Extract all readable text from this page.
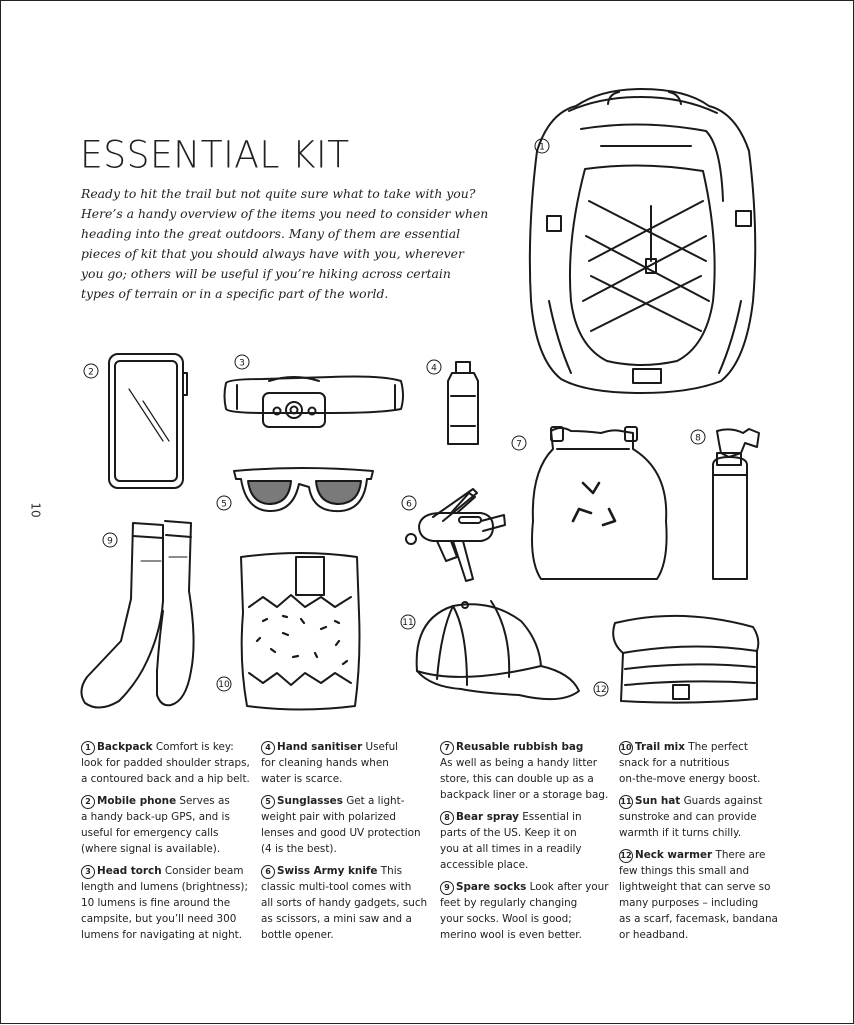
ESSENTIAL KIT

Ready to hit the trail but not quite sure what to take with you?

Here’s a handy overview of the items you need to consider when

heading into the great outdoors. Many of them are essential

pieces of kit that you should always have with you, wherever

you go; others will be useful if you’re hiking across certain

types of terrain or in a specific part of the world.

10
1
2
3	4
5	6
7
8
9
10
11
12
1 Backpack Comfort is key:
look for padded shoulder straps,
a contoured back and a hip belt.
2 Mobile phone Serves as
a handy back-up GPS, and is
useful for emergency calls
(where signal is available).
3 Head torch Consider beam
length and lumens (brightness);
10 lumens is fine around the
campsite, but you’ll need 300
lumens for navigating at night.
4 Hand sanitiser Useful
for cleaning hands when
water is scarce.
5 Sunglasses Get a light-
weight pair with polarized
lenses and good UV protection
(4 is the best).
6 Swiss Army knife This
classic multi-tool comes with
all sorts of handy gadgets, such
as scissors, a mini saw and a
bottle opener.
7 Reusable rubbish bag
As well as being a handy litter
store, this can double up as a
backpack liner or a storage bag.
8 Bear spray Essential in
parts of the US. Keep it on
you at all times in a readily
accessible place.
9 Spare socks Look after your
feet by regularly changing
your socks. Wool is good;
merino wool is even better.
10 Trail mix The perfect
snack for a nutritious
on-the-move energy boost.
11 Sun hat Guards against
sunstroke and can provide
warmth if it turns chilly.
12 Neck warmer There are
few things this small and
lightweight that can serve so
many purposes – including
as a scarf, facemask, bandana
or headband.
